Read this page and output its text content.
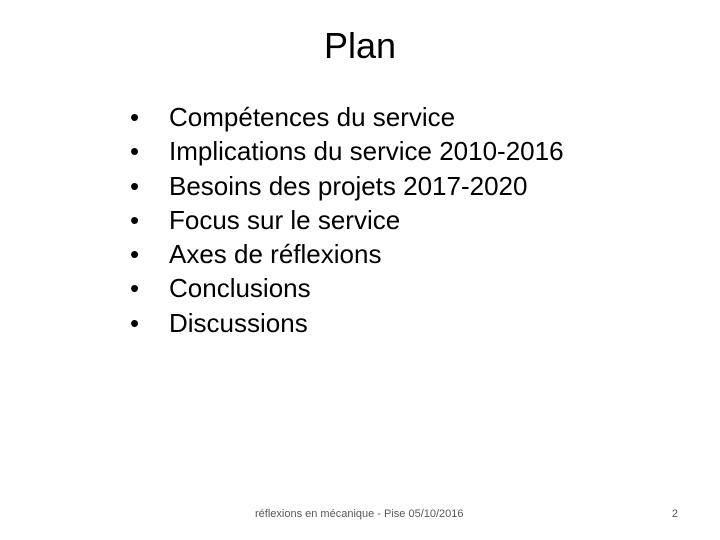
Plan
•	Compétences du service
•	Implications du service 2010-2016
•	Besoins des projets 2017-2020
•	Focus sur le service
•	Axes de réflexions
•	Conclusions
•	Discussions
réflexions en mécanique - Pise 05/10/2016	2
